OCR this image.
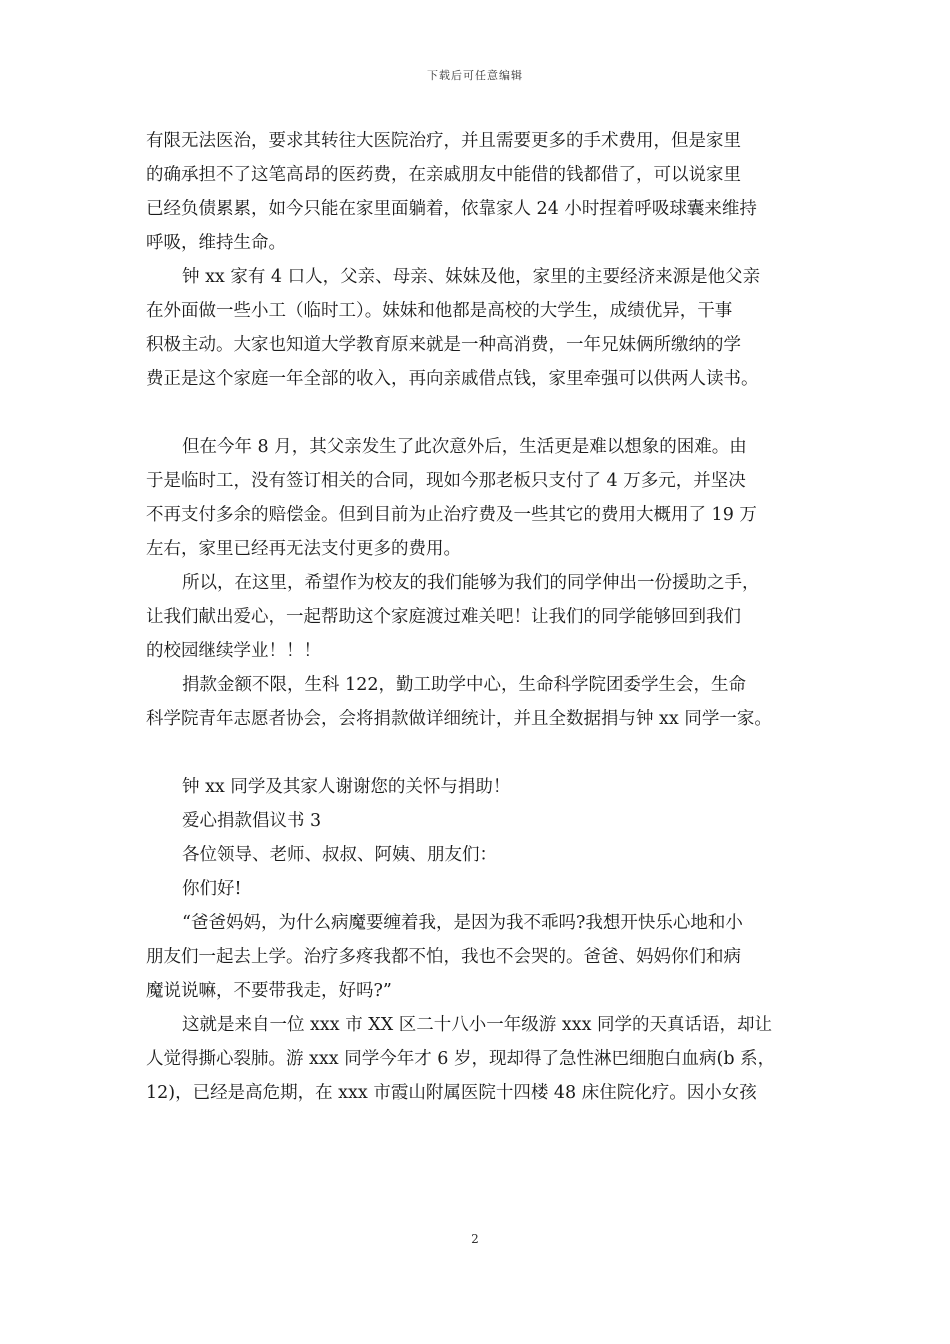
下载后可任意编辑
有限无法医治，要求其转往大医院治疗，并且需要更多的手术费用，但是家里
的确承担不了这笔高昂的医药费，在亲戚朋友中能借的钱都借了，可以说家里
已经负债累累，如今只能在家里面躺着，依靠家人 24 小时捏着呼吸球囊来维持
呼吸，维持生命。
钟 xx 家有 4 口人，父亲、母亲、妹妹及他，家里的主要经济来源是他父亲
在外面做一些小工（临时工）。妹妹和他都是高校的大学生，成绩优异，干事
积极主动。大家也知道大学教育原来就是一种高消费，一年兄妹俩所缴纳的学
费正是这个家庭一年全部的收入，再向亲戚借点钱，家里牵强可以供两人读书。
但在今年 8 月，其父亲发生了此次意外后，生活更是难以想象的困难。由
于是临时工，没有签订相关的合同，现如今那老板只支付了 4 万多元，并坚决
不再支付多余的赔偿金。但到目前为止治疗费及一些其它的费用大概用了 19 万
左右，家里已经再无法支付更多的费用。
所以，在这里，希望作为校友的我们能够为我们的同学伸出一份援助之手，
让我们献出爱心，一起帮助这个家庭渡过难关吧！让我们的同学能够回到我们
的校园继续学业！！！
捐款金额不限，生科 122，勤工助学中心，生命科学院团委学生会，生命
科学院青年志愿者协会，会将捐款做详细统计，并且全数据捐与钟 xx 同学一家。
钟 xx 同学及其家人谢谢您的关怀与捐助！
爱心捐款倡议书 3
各位领导、老师、叔叔、阿姨、朋友们：
你们好!
“爸爸妈妈，为什么病魔要缠着我，是因为我不乖吗?我想开快乐心地和小
朋友们一起去上学。治疗多疼我都不怕，我也不会哭的。爸爸、妈妈你们和病
魔说说嘛，不要带我走，好吗?”
这就是来自一位 xxx 市 XX 区二十八小一年级游 xxx 同学的天真话语，却让
人觉得撕心裂肺。游 xxx 同学今年才 6 岁，现却得了急性淋巴细胞白血病(b 系，
12)，已经是高危期，在 xxx 市霞山附属医院十四楼 48 床住院化疗。因小女孩
2
